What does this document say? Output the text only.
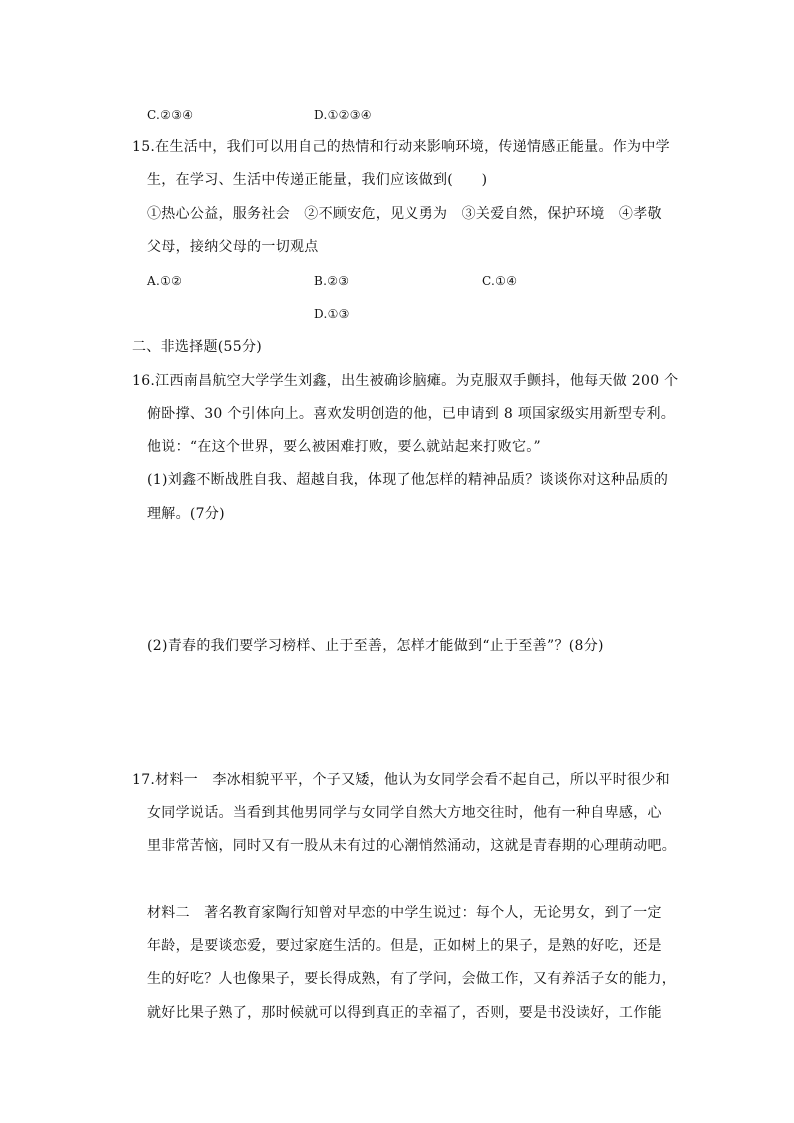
C.②③④	D.①②③④
15.在生活中，我们可以用自己的热情和行动来影响环境，传递情感正能量。作为中学
生，在学习、生活中传递正能量，我们应该做到(　　)
①热心公益，服务社会　②不顾安危，见义勇为　③关爱自然，保护环境　④孝敬
父母，接纳父母的一切观点
A.①②	B.②③	C.①④
D.①③
二、非选择题(55分)
16.江西南昌航空大学学生刘鑫，出生被确诊脑瘫。为克服双手颤抖，他每天做 200 个
俯卧撑、30 个引体向上。喜欢发明创造的他，已申请到 8 项国家级实用新型专利。
他说：“在这个世界，要么被困难打败，要么就站起来打败它。”
(1)刘鑫不断战胜自我、超越自我，体现了他怎样的精神品质？谈谈你对这种品质的
理解。(7分)
(2)青春的我们要学习榜样、止于至善，怎样才能做到“止于至善”？(8分)
17.材料一　李冰相貌平平，个子又矮，他认为女同学会看不起自己，所以平时很少和
女同学说话。当看到其他男同学与女同学自然大方地交往时，他有一种自卑感，心
里非常苦恼，同时又有一股从未有过的心潮悄然涌动，这就是青春期的心理萌动吧。
材料二　著名教育家陶行知曾对早恋的中学生说过：每个人，无论男女，到了一定
年龄，是要谈恋爱，要过家庭生活的。但是，正如树上的果子，是熟的好吃，还是
生的好吃？人也像果子，要长得成熟，有了学问，会做工作，又有养活子女的能力，
就好比果子熟了，那时候就可以得到真正的幸福了，否则，要是书没读好，工作能
